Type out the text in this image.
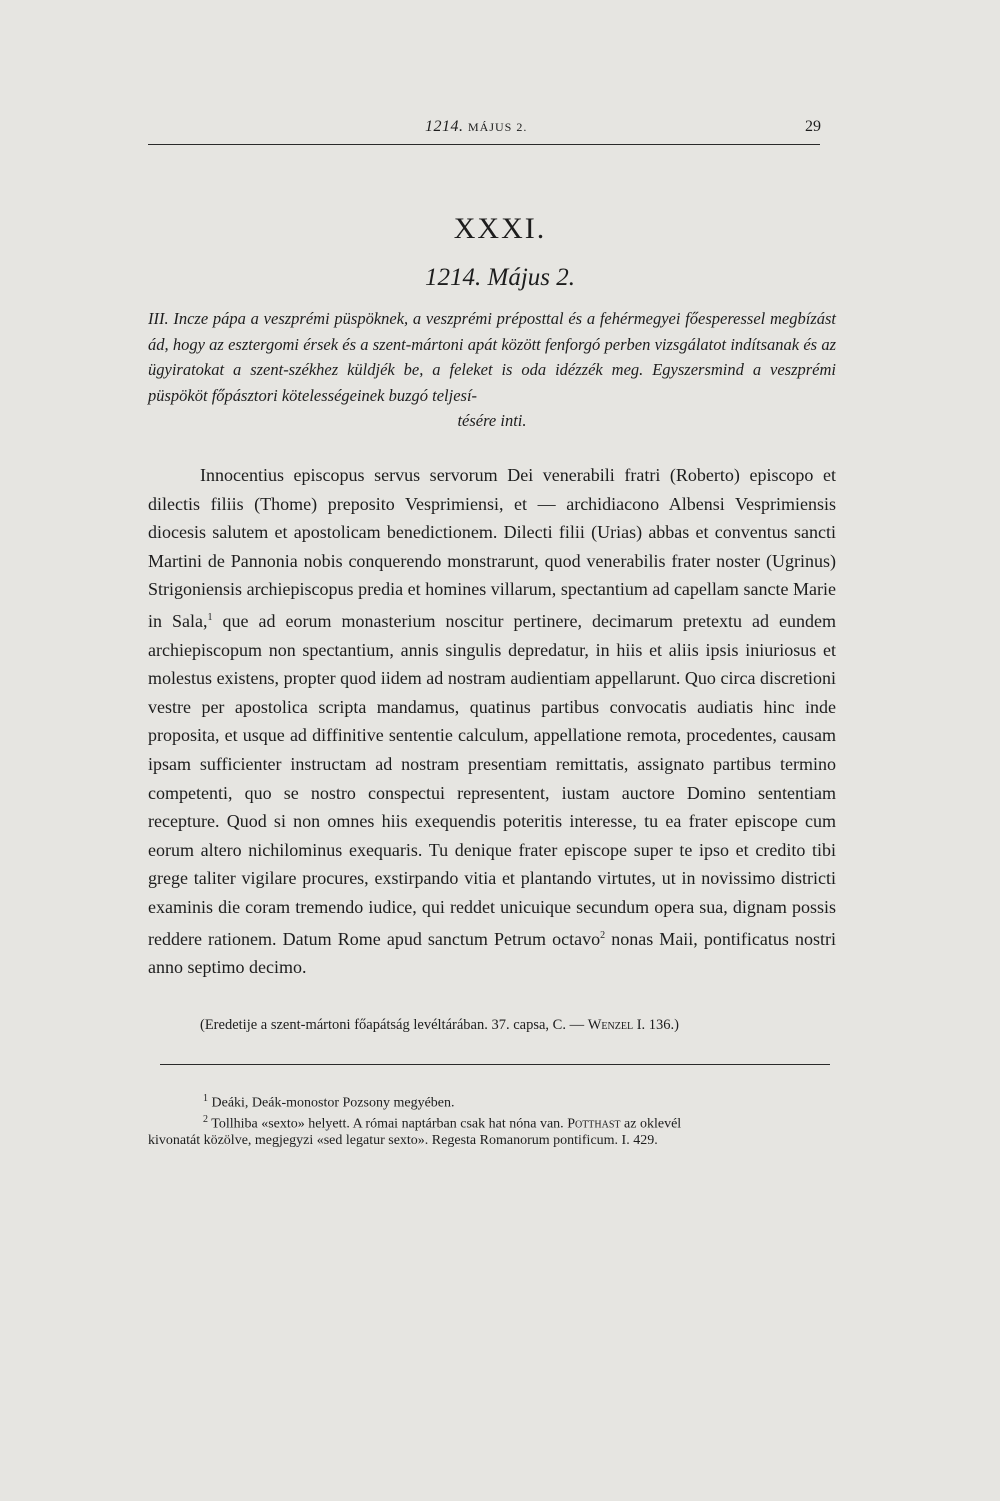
1214. MÁJUS 2.	29
XXXI.
1214. Május 2.
III. Incze pápa a veszprémi püspöknek, a veszprémi préposttal és a fehérmegyei főesperessel megbízást ád, hogy az esztergomi érsek és a szent-mártoni apát között fenforgó perben vizsgálatot indítsanak és az ügyiratokat a szent-székhez küldjék be, a feleket is oda idézzék meg. Egyszersmind a veszprémi püspököt főpásztori kötelességeinek buzgó teljesí-
tésére inti.
Innocentius episcopus servus servorum Dei venerabili fratri (Roberto) episcopo et dilectis filiis (Thome) preposito Vesprimiensi, et — archidiacono Albensi Vesprimiensis diocesis salutem et apostolicam benedictionem. Dilecti filii (Urias) abbas et conventus sancti Martini de Pannonia nobis conquerendo monstrarunt, quod venerabilis frater noster (Ugrinus) Strigoniensis archiepiscopus predia et homines villarum, spectantium ad capellam sancte Marie in Sala,$^1$ que ad eorum monasterium noscitur pertinere, decimarum pretextu ad eundem archiepiscopum non spectantium, annis singulis depredatur, in hiis et aliis ipsis iniuriosus et molestus existens, propter quod iidem ad nostram audientiam appellarunt. Quo circa discretioni vestre per apostolica scripta mandamus, quatinus partibus convocatis audiatis hinc inde proposita, et usque ad diffinitive sententie calculum, appellatione remota, procedentes, causam ipsam sufficienter instructam ad nostram presentiam remittatis, assignato partibus termino competenti, quo se nostro conspectui representent, iustam auctore Domino sententiam recepture. Quod si non omnes hiis exequendis poteritis interesse, tu ea frater episcope cum eorum altero nichilominus exequaris. Tu denique frater episcope super te ipso et credito tibi grege taliter vigilare procures, exstirpando vitia et plantando virtutes, ut in novissimo districti examinis die coram tremendo iudice, qui reddet unicuique secundum opera sua, dignam possis reddere rationem. Datum Rome apud sanctum Petrum octavo$^2$ nonas Maii, pontificatus nostri anno septimo decimo.
(Eredetije a szent-mártoni főapátság levéltárában. 37. capsa, C. — Wenzel I. 136.)
$^1$ Deáki, Deák-monostor Pozsony megyében.
$^2$ Tollhiba «sexto» helyett. A római naptárban csak hat nóna van. Potthast az oklevél
kivonatát közölve, megjegyzi «sed legatur sexto». Regesta Romanorum pontificum. I. 429.
